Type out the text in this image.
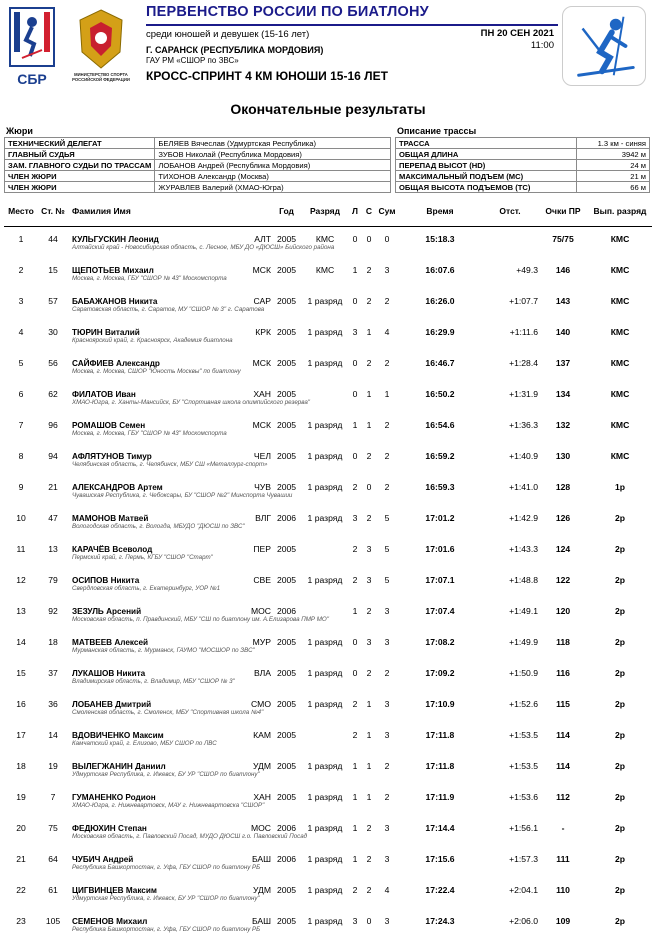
СБР	МИНИСТЕРСТВО СПОРТА РОССИЙСКОЙ ФЕДЕРАЦИИ
ПЕРВЕНСТВО РОССИИ ПО БИАТЛОНУ
среди юношей и девушек (15-16 лет)	ПН 20 СЕН 2021
11:00
Г. САРАНСК (РЕСПУБЛИКА МОРДОВИЯ)
ГАУ РМ «СШОР по ЗВС»
КРОСС-СПРИНТ 4 КМ ЮНОШИ 15-16 ЛЕТ
Окончательные результаты
Жюри
ТЕХНИЧЕСКИЙ ДЕЛЕГАТ	БЕЛЯЕВ Вячеслав (Удмуртская Республика)
ГЛАВНЫЙ СУДЬЯ	ЗУБОВ Николай (Республика Мордовия)
ЗАМ. ГЛАВНОГО СУДЬИ ПО ТРАССАМ	ЛОБАНОВ Андрей (Республика Мордовия)
ЧЛЕН ЖЮРИ	ТИХОНОВ Александр (Москва)
ЧЛЕН ЖЮРИ	ЖУРАВЛЕВ Валерий (ХМАО-Югра)
Описание трассы
ТРАССА	1.3 км - синяя
ОБЩАЯ ДЛИНА	3942 м
ПЕРЕПАД ВЫСОТ (HD)	24 м
МАКСИМАЛЬНЫЙ ПОДЪЕМ (MC)	21 м
ОБЩАЯ ВЫСОТА ПОДЪЕМОВ (TC)	66 м
Место	Ст. №	Фамилия Имя	Год	Разряд	Л	С	Сум	Время	Отст.	Очки ПР	Вып. разряд
1	44	КУЛЬГУСКИН Леонид АЛТ	2005	КМС	0	0	0	15:18.3		75/75	КМС
		Алтайский край - Новосибирская область, с. Лесное, МБУ ДО «ДЮСШ» Бийского района									
2	15	ЩЕПОТЬЕВ Михаил МСК	2005	КМС	1	2	3	16:07.6	+49.3	146	КМС
		Москва, г. Москва, ГБУ "СШОР № 43" Москомспорта									
3	57	БАБАЖАНОВ Никита САР	2005	1 разряд	0	2	2	16:26.0	+1:07.7	143	КМС
		Саратовская область, г. Саратов, МУ "СШОР № 3" г. Саратова									
4	30	ТЮРИН Виталий КРК	2005	1 разряд	3	1	4	16:29.9	+1:11.6	140	КМС
		Красноярский край, г. Красноярск, Академия биатлона									
5	56	САЙФИЕВ Александр МСК	2005	1 разряд	0	2	2	16:46.7	+1:28.4	137	КМС
		Москва, г. Москва, СШОР "Юность Москвы" по биатлону									
6	62	ФИЛАТОВ Иван ХАН	2005		0	1	1	16:50.2	+1:31.9	134	КМС
		ХМАО-Югра, г. Ханты-Мансийск, БУ "Спортивная школа олимпийского резерва"									
7	96	РОМАШОВ Семен МСК	2005	1 разряд	1	1	2	16:54.6	+1:36.3	132	КМС
		Москва, г. Москва, ГБУ "СШОР № 43" Москомспорта									
8	94	АФЛЯТУНОВ Тимур ЧЕЛ	2005	1 разряд	0	2	2	16:59.2	+1:40.9	130	КМС
		Челябинская область, г. Челябинск, МБУ СШ «Металлург-спорт»									
9	21	АЛЕКСАНДРОВ Артем ЧУВ	2005	1 разряд	2	0	2	16:59.3	+1:41.0	128	1р
		Чувашская Республика, г. Чебоксары, БУ "СШОР №2" Минспорта Чувашии									
10	47	МАМОНОВ Матвей ВЛГ	2006	1 разряд	3	2	5	17:01.2	+1:42.9	126	2р
		Вологодская область, г. Вологда, МБУДО "ДЮСШ по ЗВС"									
11	13	КАРАЧЁВ Всеволод ПЕР	2005		2	3	5	17:01.6	+1:43.3	124	2р
		Пермский край, г. Пермь, КГБУ "СШОР "Старт"									
12	79	ОСИПОВ Никита СВЕ	2005	1 разряд	2	3	5	17:07.1	+1:48.8	122	2р
		Свердловская область, г. Екатеринбург, УОР №1									
13	92	ЗЕЗУЛЬ Арсений МОС	2006		1	2	3	17:07.4	+1:49.1	120	2р
		Московская область, п. Правдинский, МБУ "СШ по биатлону им. А.Елизарова ПМР МО"									
14	18	МАТВЕЕВ Алексей МУР	2005	1 разряд	0	3	3	17:08.2	+1:49.9	118	2р
		Мурманская область, г. Мурманск, ГАУМО "МОСШОР по ЗВС"									
15	37	ЛУКАШОВ Никита ВЛА	2005	1 разряд	0	2	2	17:09.2	+1:50.9	116	2р
		Владимирская область, г. Владимир, МБУ "СШОР № 3"									
16	36	ЛОБАНЕВ Дмитрий СМО	2005	1 разряд	2	1	3	17:10.9	+1:52.6	115	2р
		Смоленская область, г. Смоленск, МБУ "Спортивная школа №4"									
17	14	ВДОВИЧЕНКО Максим КАМ	2005		2	1	3	17:11.8	+1:53.5	114	2р
		Камчатский край, г. Елизово, МБУ СШОР по ЛВС									
18	19	ВЫЛЕГЖАНИН Даниил УДМ	2005	1 разряд	1	1	2	17:11.8	+1:53.5	114	2р
		Удмуртская Республика, г. Ижевск, БУ УР "СШОР по биатлону"									
19	7	ГУМАНЕНКО Родион ХАН	2005	1 разряд	1	1	2	17:11.9	+1:53.6	112	2р
		ХМАО-Югра, г. Нижневартовск, МАУ г. Нижневартовска "СШОР"									
20	75	ФЕДЮХИН Степан МОС	2006	1 разряд	1	2	3	17:14.4	+1:56.1	-	2р
		Московская область, г. Павловский Посад, МУДО ДЮСШ г.о. Павловский Посад									
21	64	ЧУБИЧ Андрей БАШ	2006	1 разряд	1	2	3	17:15.6	+1:57.3	111	2р
		Республика Башкортостан, г. Уфа, ГБУ СШОР по биатлону РБ									
22	61	ЦИГВИНЦЕВ Максим УДМ	2005	1 разряд	2	2	4	17:22.4	+2:04.1	110	2р
		Удмуртская Республика, г. Ижевск, БУ УР "СШОР по биатлону"									
23	105	СЕМЕНОВ Михаил БАШ	2005	1 разряд	3	0	3	17:24.3	+2:06.0	109	2р
		Республика Башкортостан, г. Уфа, ГБУ СШОР по биатлону РБ									
